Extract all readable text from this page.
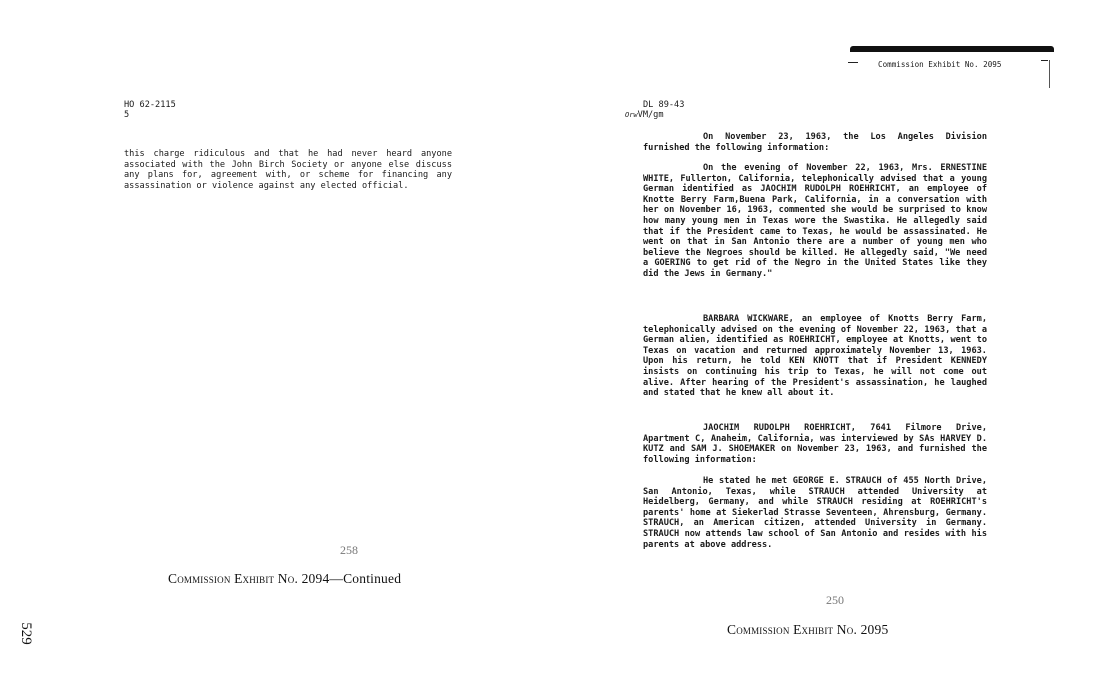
HO 62-2115
5
this charge ridiculous and that he had never heard anyone associated with the John Birch Society or anyone else discuss any plans for, agreement with, or scheme for financing any assassination or violence against any elected official.
258
Commission Exhibit No. 2094—Continued
529
Commission Exhibit No. 2095
DL 89-43
OrwVM/gm
On November 23, 1963, the Los Angeles Division furnished the following information:
On the evening of November 22, 1963, Mrs. ERNESTINE WHITE, Fullerton, California, telephonically advised that a young German identified as JAOCHIM RUDOLPH ROEHRICHT, an employee of Knotte Berry Farm,Buena Park, California, in a conversation with her on November 16, 1963, commented she would be surprised to know how many young men in Texas wore the Swastika. He allegedly said that if the President came to Texas, he would be assassinated. He went on that in San Antonio there are a number of young men who believe the Negroes should be killed. He allegedly said, "We need a GOERING to get rid of the Negro in the United States like they did the Jews in Germany."
BARBARA WICKWARE, an employee of Knotts Berry Farm, telephonically advised on the evening of November 22, 1963, that a German alien, identified as ROEHRICHT, employee at Knotts, went to Texas on vacation and returned approximately November 13, 1963. Upon his return, he told KEN KNOTT that if President KENNEDY insists on continuing his trip to Texas, he will not come out alive. After hearing of the President's assassination, he laughed and stated that he knew all about it.
JAOCHIM RUDOLPH ROEHRICHT, 7641 Filmore Drive, Apartment C, Anaheim, California, was interviewed by SAs HARVEY D. KUTZ and SAM J. SHOEMAKER on November 23, 1963, and furnished the following information:
He stated he met GEORGE E. STRAUCH of 455 North Drive, San Antonio, Texas, while STRAUCH attended University at Heidelberg, Germany, and while STRAUCH residing at ROEHRICHT's parents' home at Siekerlad Strasse Seventeen, Ahrensburg, Germany. STRAUCH, an American citizen, attended University in Germany. STRAUCH now attends law school of San Antonio and resides with his parents at above address.
250
Commission Exhibit No. 2095
